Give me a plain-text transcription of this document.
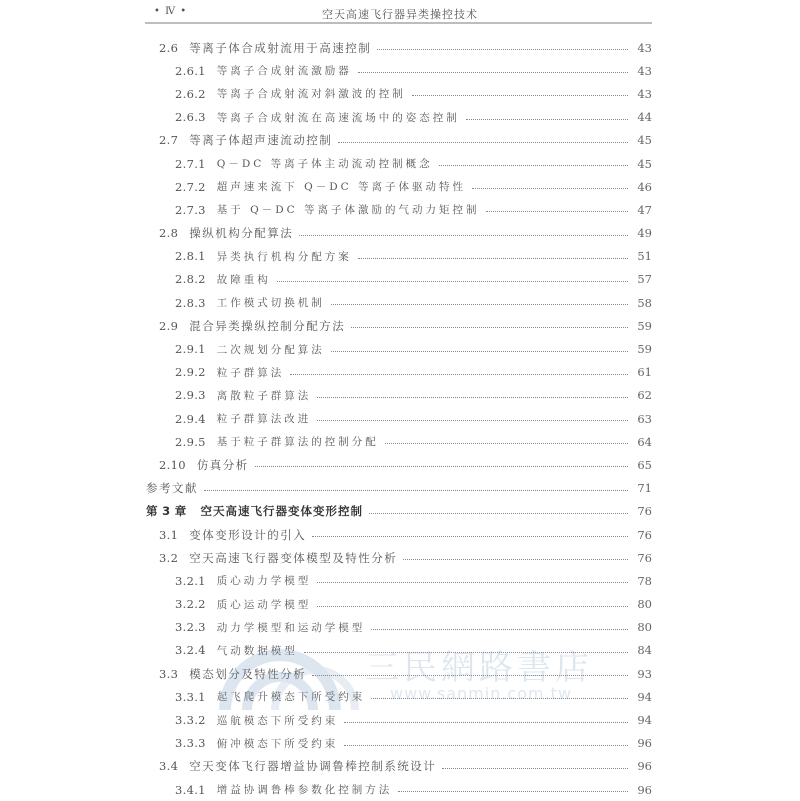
• Ⅳ •	空天高速飞行器异类操控技术
2.6 等离子体合成射流用于高速控制	43
2.6.1 等离子合成射流激励器	43
2.6.2 等离子合成射流对斜激波的控制	43
2.6.3 等离子合成射流在高速流场中的姿态控制	44
2.7 等离子体超声速流动控制	45
2.7.1 Q－DC 等离子体主动流动控制概念	45
2.7.2 超声速来流下 Q－DC 等离子体驱动特性	46
2.7.3 基于 Q－DC 等离子体激励的气动力矩控制	47
2.8 操纵机构分配算法	49
2.8.1 异类执行机构分配方案	51
2.8.2 故障重构	57
2.8.3 工作模式切换机制	58
2.9 混合异类操纵控制分配方法	59
2.9.1 二次规划分配算法	59
2.9.2 粒子群算法	61
2.9.3 离散粒子群算法	62
2.9.4 粒子群算法改进	63
2.9.5 基于粒子群算法的控制分配	64
2.10 仿真分析	65
参考文献	71
第 3 章 空天高速飞行器变体变形控制	76
3.1 变体变形设计的引入	76
3.2 空天高速飞行器变体模型及特性分析	76
3.2.1 质心动力学模型	78
3.2.2 质心运动学模型	80
3.2.3 动力学模型和运动学模型	80
3.2.4 气动数据模型	84
3.3 模态划分及特性分析	93
3.3.1 起飞爬升模态下所受约束	94
3.3.2 巡航模态下所受约束	94
3.3.3 俯冲模态下所受约束	96
3.4 空天变体飞行器增益协调鲁棒控制系统设计	96
3.4.1 增益协调鲁棒参数化控制方法	96
三民網路書店
www.sanmin.com.tw
